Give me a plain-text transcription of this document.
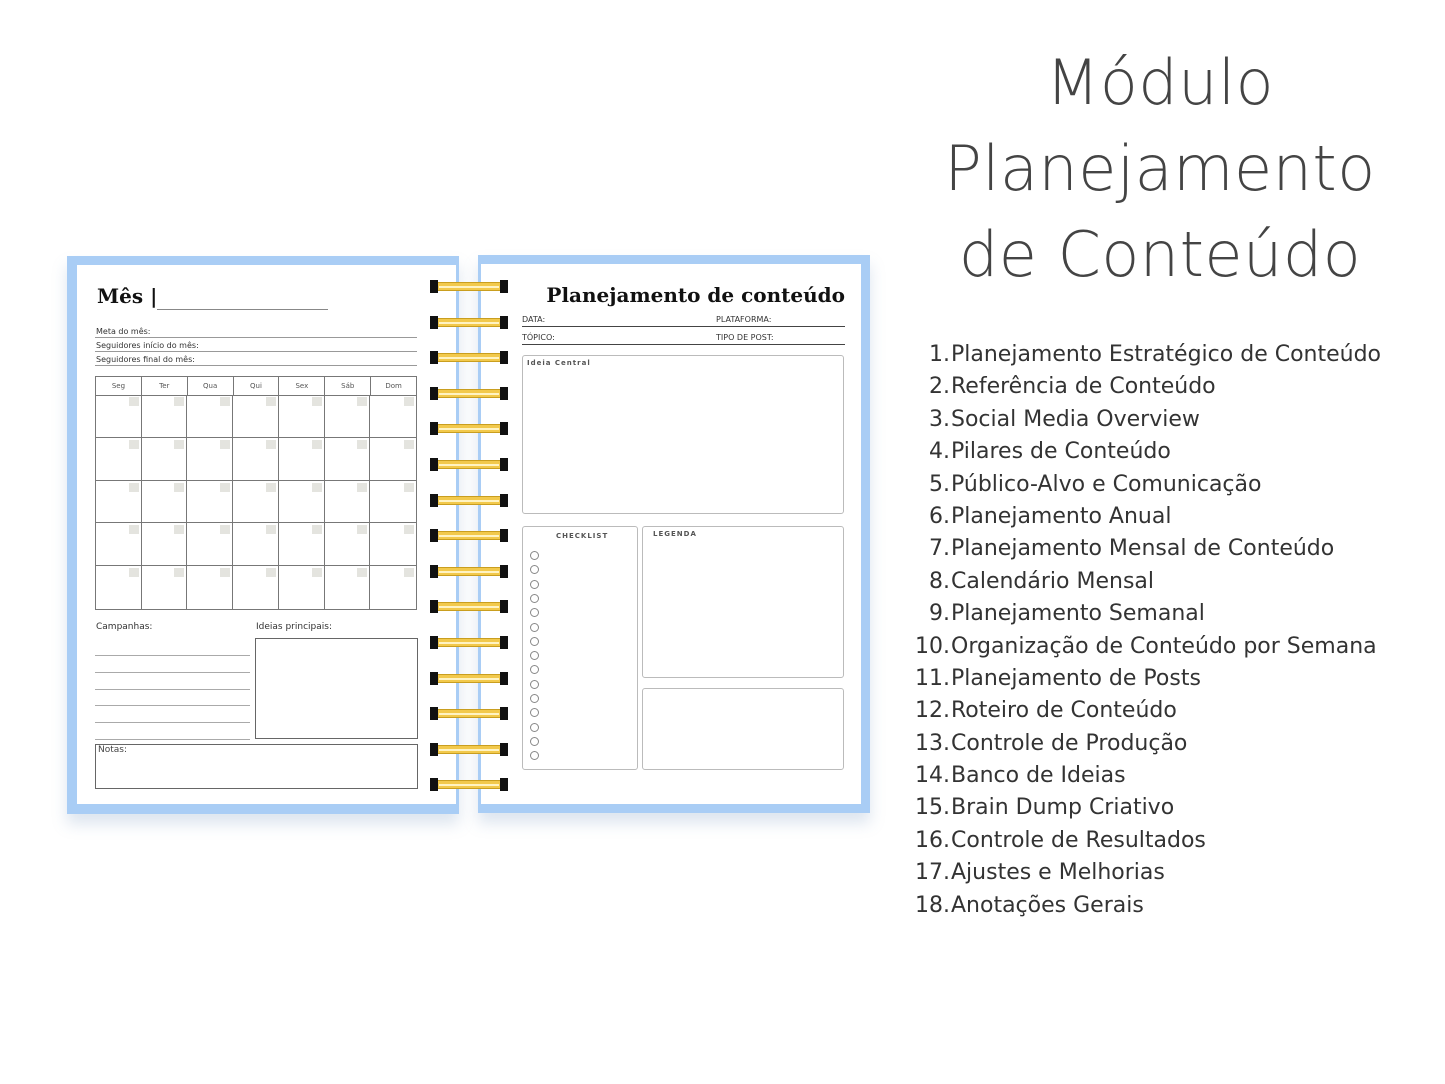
Módulo
Planejamento
de Conteúdo
1. Planejamento Estratégico de Conteúdo
2. Referência de Conteúdo
3. Social Media Overview
4. Pilares de Conteúdo
5. Público-Alvo e Comunicação
6. Planejamento Anual
7. Planejamento Mensal de Conteúdo
8. Calendário Mensal
9. Planejamento Semanal
10. Organização de Conteúdo por Semana
11. Planejamento de Posts
12. Roteiro de Conteúdo
13. Controle de Produção
14. Banco de Ideias
15. Brain Dump Criativo
16. Controle de Resultados
17. Ajustes e Melhorias
18. Anotações Gerais
Mês |
Meta do mês:
Seguidores início do mês:
Seguidores final do mês:
Seg	Ter	Qua	Qui	Sex	Sáb	Dom
Campanhas:	Ideias principais:
Notas:
Planejamento de conteúdo
DATA:	PLATAFORMA:
TÓPICO:	TIPO DE POST:
Ideia Central
CHECKLIST	LEGENDA
